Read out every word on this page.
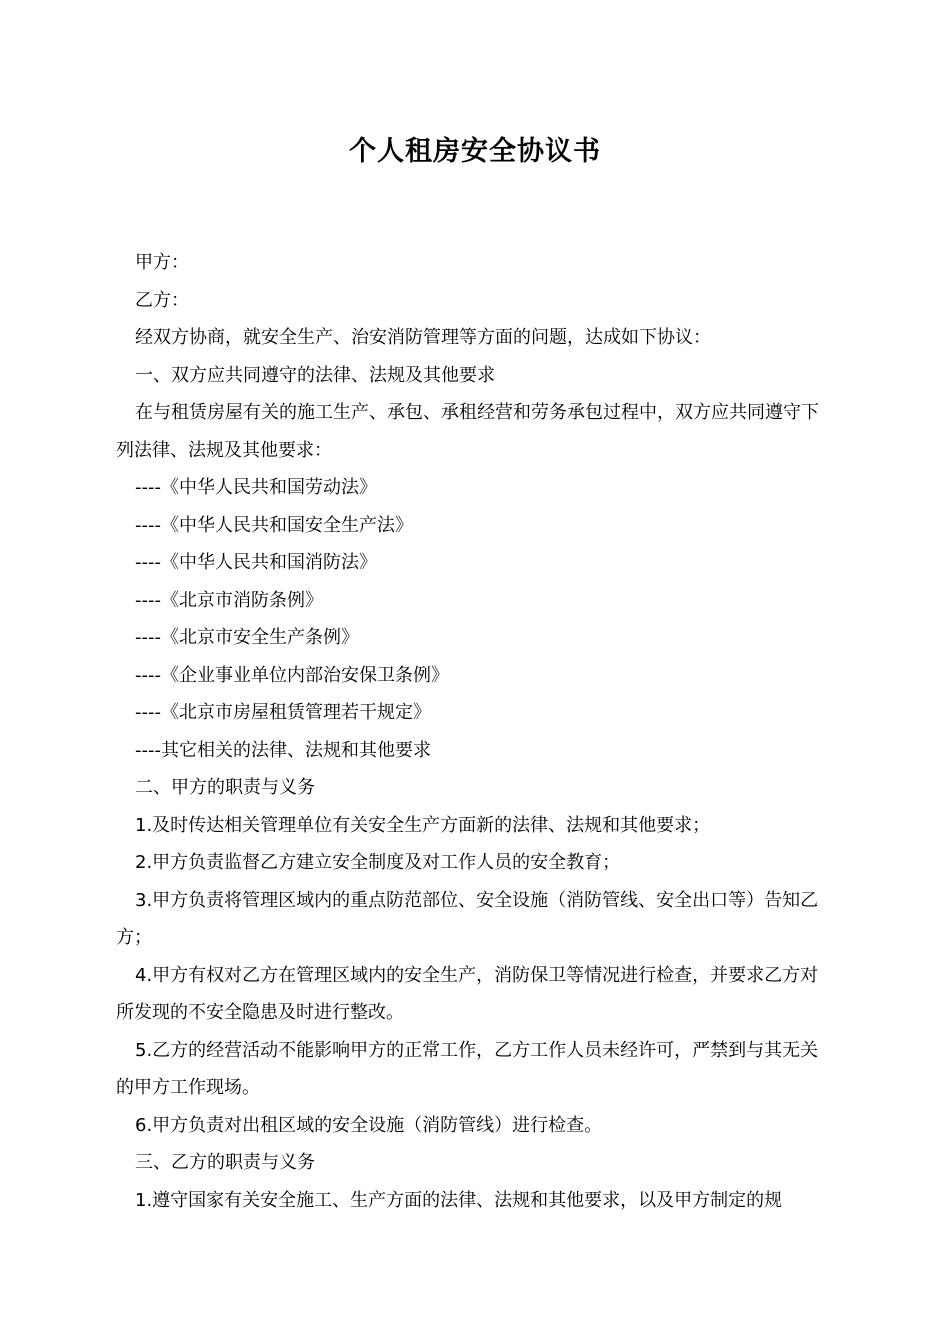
个人租房安全协议书

甲方：

乙方：

经双方协商，就安全生产、治安消防管理等方面的问题，达成如下协议：

一、双方应共同遵守的法律、法规及其他要求

在与租赁房屋有关的施工生产、承包、承租经营和劳务承包过程中，双方应共同遵守下列法律、法规及其他要求：

----《中华人民共和国劳动法》

----《中华人民共和国安全生产法》

----《中华人民共和国消防法》

----《北京市消防条例》

----《北京市安全生产条例》

----《企业事业单位内部治安保卫条例》

----《北京市房屋租赁管理若干规定》

----其它相关的法律、法规和其他要求

二、甲方的职责与义务

1.及时传达相关管理单位有关安全生产方面新的法律、法规和其他要求；

2.甲方负责监督乙方建立安全制度及对工作人员的安全教育；

3.甲方负责将管理区域内的重点防范部位、安全设施（消防管线、安全出口等）告知乙方；

4.甲方有权对乙方在管理区域内的安全生产，消防保卫等情况进行检查，并要求乙方对所发现的不安全隐患及时进行整改。

5.乙方的经营活动不能影响甲方的正常工作，乙方工作人员未经许可，严禁到与其无关的甲方工作现场。

6.甲方负责对出租区域的安全设施（消防管线）进行检查。

三、乙方的职责与义务

1.遵守国家有关安全施工、生产方面的法律、法规和其他要求，以及甲方制定的规
